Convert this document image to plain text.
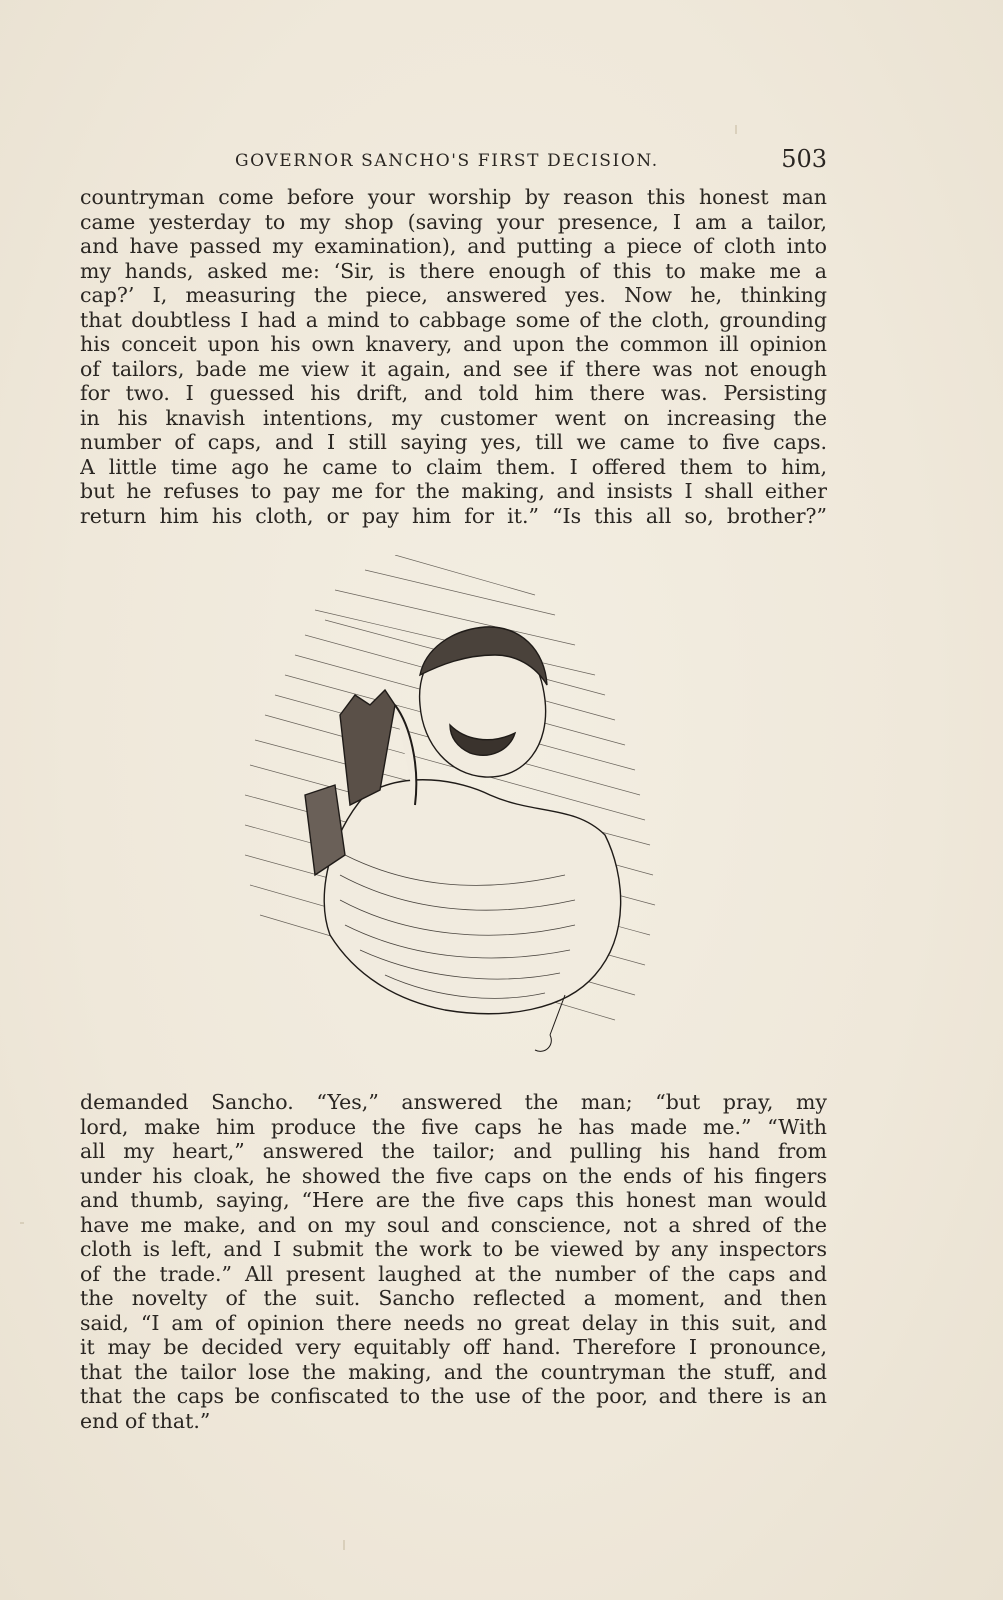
GOVERNOR SANCHO'S FIRST DECISION.	503
countryman come before your worship by reason this honest man
came yesterday to my shop (saving your presence, I am a tailor,
and have passed my examination), and putting a piece of cloth into
my hands, asked me: ‘Sir, is there enough of this to make me a
cap?’ I, measuring the piece, answered yes. Now he, thinking
that doubtless I had a mind to cabbage some of the cloth, grounding
his conceit upon his own knavery, and upon the common ill opinion
of tailors, bade me view it again, and see if there was not enough
for two. I guessed his drift, and told him there was. Persisting
in his knavish intentions, my customer went on increasing the
number of caps, and I still saying yes, till we came to five caps.
A little time ago he came to claim them. I offered them to him,
but he refuses to pay me for the making, and insists I shall either
return him his cloth, or pay him for it.” “Is this all so, brother?”
demanded Sancho. “Yes,” answered the man; “but pray, my
lord, make him produce the five caps he has made me.” “With
all my heart,” answered the tailor; and pulling his hand from
under his cloak, he showed the five caps on the ends of his fingers
and thumb, saying, “Here are the five caps this honest man would
have me make, and on my soul and conscience, not a shred of the
cloth is left, and I submit the work to be viewed by any inspectors
of the trade.” All present laughed at the number of the caps and
the novelty of the suit. Sancho reflected a moment, and then
said, “I am of opinion there needs no great delay in this suit, and
it may be decided very equitably off hand. Therefore I pronounce,
that the tailor lose the making, and the countryman the stuff, and
that the caps be confiscated to the use of the poor, and there is an
end of that.”
